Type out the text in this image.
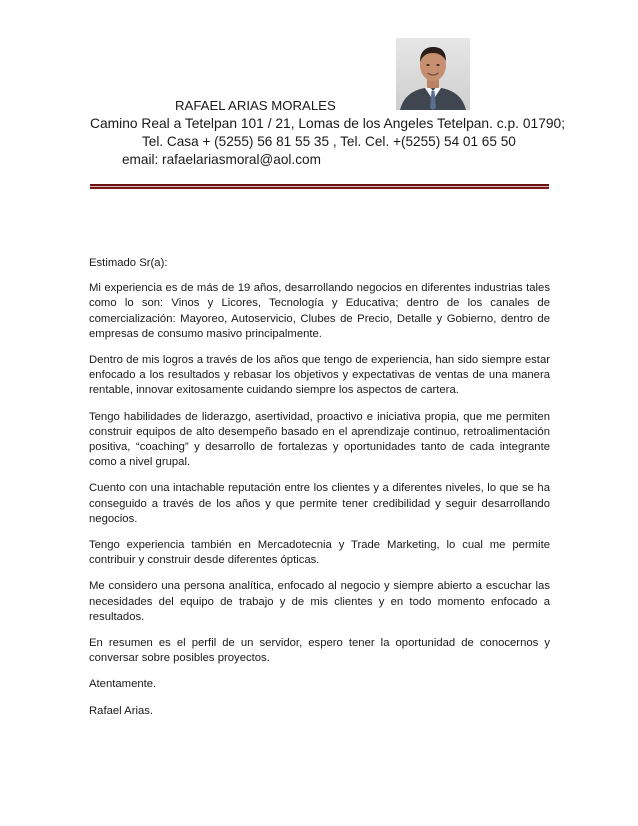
RAFAEL ARIAS MORALES
Camino Real a Tetelpan 101 / 21, Lomas de los Angeles Tetelpan. c.p. 01790;
Tel. Casa + (5255) 56 81 55 35 , Tel. Cel. +(5255) 54 01 65 50
email: rafaelariasmoral@aol.com

Estimado Sr(a):

Mi experiencia es de más de 19 años, desarrollando negocios en diferentes industrias tales como lo son: Vinos y Licores, Tecnología y Educativa; dentro de los canales de comercialización: Mayoreo, Autoservicio, Clubes de Precio, Detalle y Gobierno, dentro de empresas de consumo masivo principalmente.

Dentro de mis logros a través de los años que tengo de experiencia, han sido siempre estar enfocado a los resultados y rebasar los objetivos y expectativas de ventas de una manera rentable, innovar exitosamente cuidando siempre los aspectos de cartera.

Tengo habilidades de liderazgo, asertividad, proactivo e iniciativa propia, que me permiten construir equipos de alto desempeño basado en el aprendizaje continuo, retroalimentación positiva, “coaching” y desarrollo de fortalezas y oportunidades tanto de cada integrante como a nivel grupal.

Cuento con una intachable reputación entre los clientes y a diferentes niveles, lo que se ha conseguido a través de los años y que permite tener credibilidad y seguir desarrollando negocios.

Tengo experiencia también en Mercadotecnia y Trade Marketing, lo cual me permite contribuir y construir desde diferentes ópticas.

Me considero una persona analítica, enfocado al negocio y siempre abierto a escuchar las necesidades del equipo de trabajo y de mis clientes y en todo momento enfocado a resultados.

En resumen es el perfil de un servidor, espero tener la oportunidad de conocernos y conversar sobre posibles proyectos.

Atentamente.

Rafael Arias.
